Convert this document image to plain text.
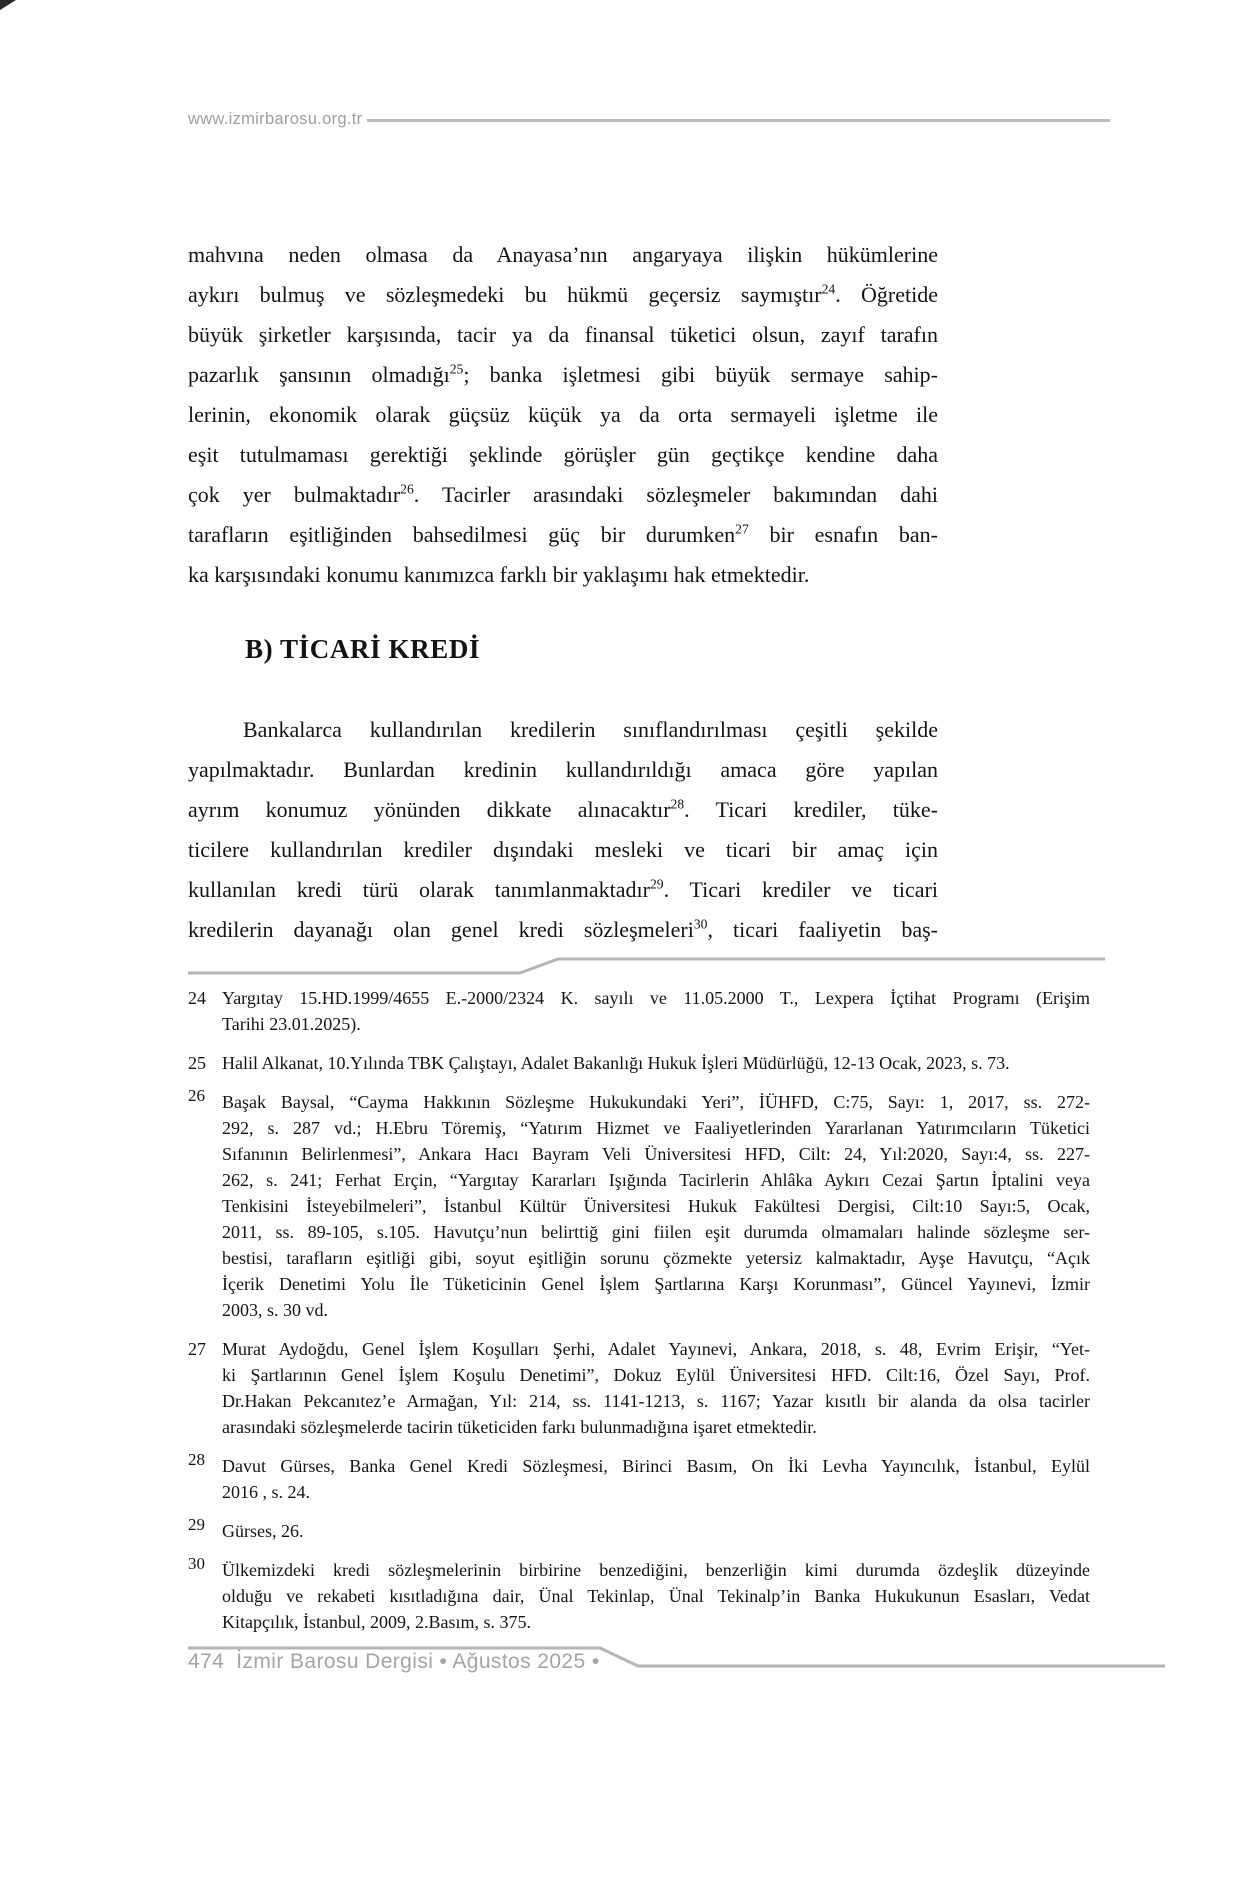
www.izmirbarosu.org.tr
mahvına neden olmasa da Anayasa’nın angaryaya ilişkin hükümlerine
aykırı bulmuş ve sözleşmedeki bu hükmü geçersiz saymıştır$^{24}$. Öğretide
büyük şirketler karşısında, tacir ya da finansal tüketici olsun, zayıf tarafın
pazarlık şansının olmadığı$^{25}$; banka işletmesi gibi büyük sermaye sahip-
lerinin, ekonomik olarak güçsüz küçük ya da orta sermayeli işletme ile
eşit tutulmaması gerektiği şeklinde görüşler gün geçtikçe kendine daha
çok yer bulmaktadır$^{26}$. Tacirler arasındaki sözleşmeler bakımından dahi
tarafların eşitliğinden bahsedilmesi güç bir durumken$^{27}$ bir esnafın ban-
ka karşısındaki konumu kanımızca farklı bir yaklaşımı hak etmektedir.
B) TİCARİ KREDİ
Bankalarca kullandırılan kredilerin sınıflandırılması çeşitli şekilde
yapılmaktadır. Bunlardan kredinin kullandırıldığı amaca göre yapılan
ayrım konumuz yönünden dikkate alınacaktır$^{28}$. Ticari krediler, tüke-
ticilere kullandırılan krediler dışındaki mesleki ve ticari bir amaç için
kullanılan kredi türü olarak tanımlanmaktadır$^{29}$. Ticari krediler ve ticari
kredilerin dayanağı olan genel kredi sözleşmeleri$^{30}$, ticari faaliyetin baş-
24 Yargıtay 15.HD.1999/4655 E.-2000/2324 K. sayılı ve 11.05.2000 T., Lexpera İçtihat Programı (Erişim
Tarihi 23.01.2025).
25 Halil Alkanat, 10.Yılında TBK Çalıştayı, Adalet Bakanlığı Hukuk İşleri Müdürlüğü, 12-13 Ocak, 2023, s. 73.
26 Başak Baysal, “Cayma Hakkının Sözleşme Hukukundaki Yeri”, İÜHFD, C:75, Sayı: 1, 2017, ss. 272-
292, s. 287 vd.; H.Ebru Töremiş, “Yatırım Hizmet ve Faaliyetlerinden Yararlanan Yatırımcıların Tüketici
Sıfanının Belirlenmesi”, Ankara Hacı Bayram Veli Üniversitesi HFD, Cilt: 24, Yıl:2020, Sayı:4, ss. 227-
262, s. 241; Ferhat Erçin, “Yargıtay Kararları Işığında Tacirlerin Ahlâka Aykırı Cezai Şartın İptalini veya
Tenkisini İsteyebilmeleri”, İstanbul Kültür Üniversitesi Hukuk Fakültesi Dergisi, Cilt:10 Sayı:5, Ocak,
2011, ss. 89-105, s.105. Havutçu’nun belirttiğ gini fiilen eşit durumda olmamaları halinde sözleşme ser-
bestisi, tarafların eşitliği gibi, soyut eşitliğin sorunu çözmekte yetersiz kalmaktadır, Ayşe Havutçu, “Açık
İçerik Denetimi Yolu İle Tüketicinin Genel İşlem Şartlarına Karşı Korunması”, Güncel Yayınevi, İzmir
2003, s. 30 vd.
27 Murat Aydoğdu, Genel İşlem Koşulları Şerhi, Adalet Yayınevi, Ankara, 2018, s. 48, Evrim Erişir, “Yet-
ki Şartlarının Genel İşlem Koşulu Denetimi”, Dokuz Eylül Üniversitesi HFD. Cilt:16, Özel Sayı, Prof.
Dr.Hakan Pekcanıtez’e Armağan, Yıl: 214, ss. 1141-1213, s. 1167; Yazar kısıtlı bir alanda da olsa tacirler
arasındaki sözleşmelerde tacirin tüketiciden farkı bulunmadığına işaret etmektedir.
28 Davut Gürses, Banka Genel Kredi Sözleşmesi, Birinci Basım, On İki Levha Yayıncılık, İstanbul, Eylül
2016 , s. 24.
29 Gürses, 26.
30 Ülkemizdeki kredi sözleşmelerinin birbirine benzediğini, benzerliğin kimi durumda özdeşlik düzeyinde
olduğu ve rekabeti kısıtladığına dair, Ünal Tekinlap, Ünal Tekinalp’in Banka Hukukunun Esasları, Vedat
Kitapçılık, İstanbul, 2009, 2.Basım, s. 375.
474 İzmir Barosu Dergisi • Ağustos 2025 •
